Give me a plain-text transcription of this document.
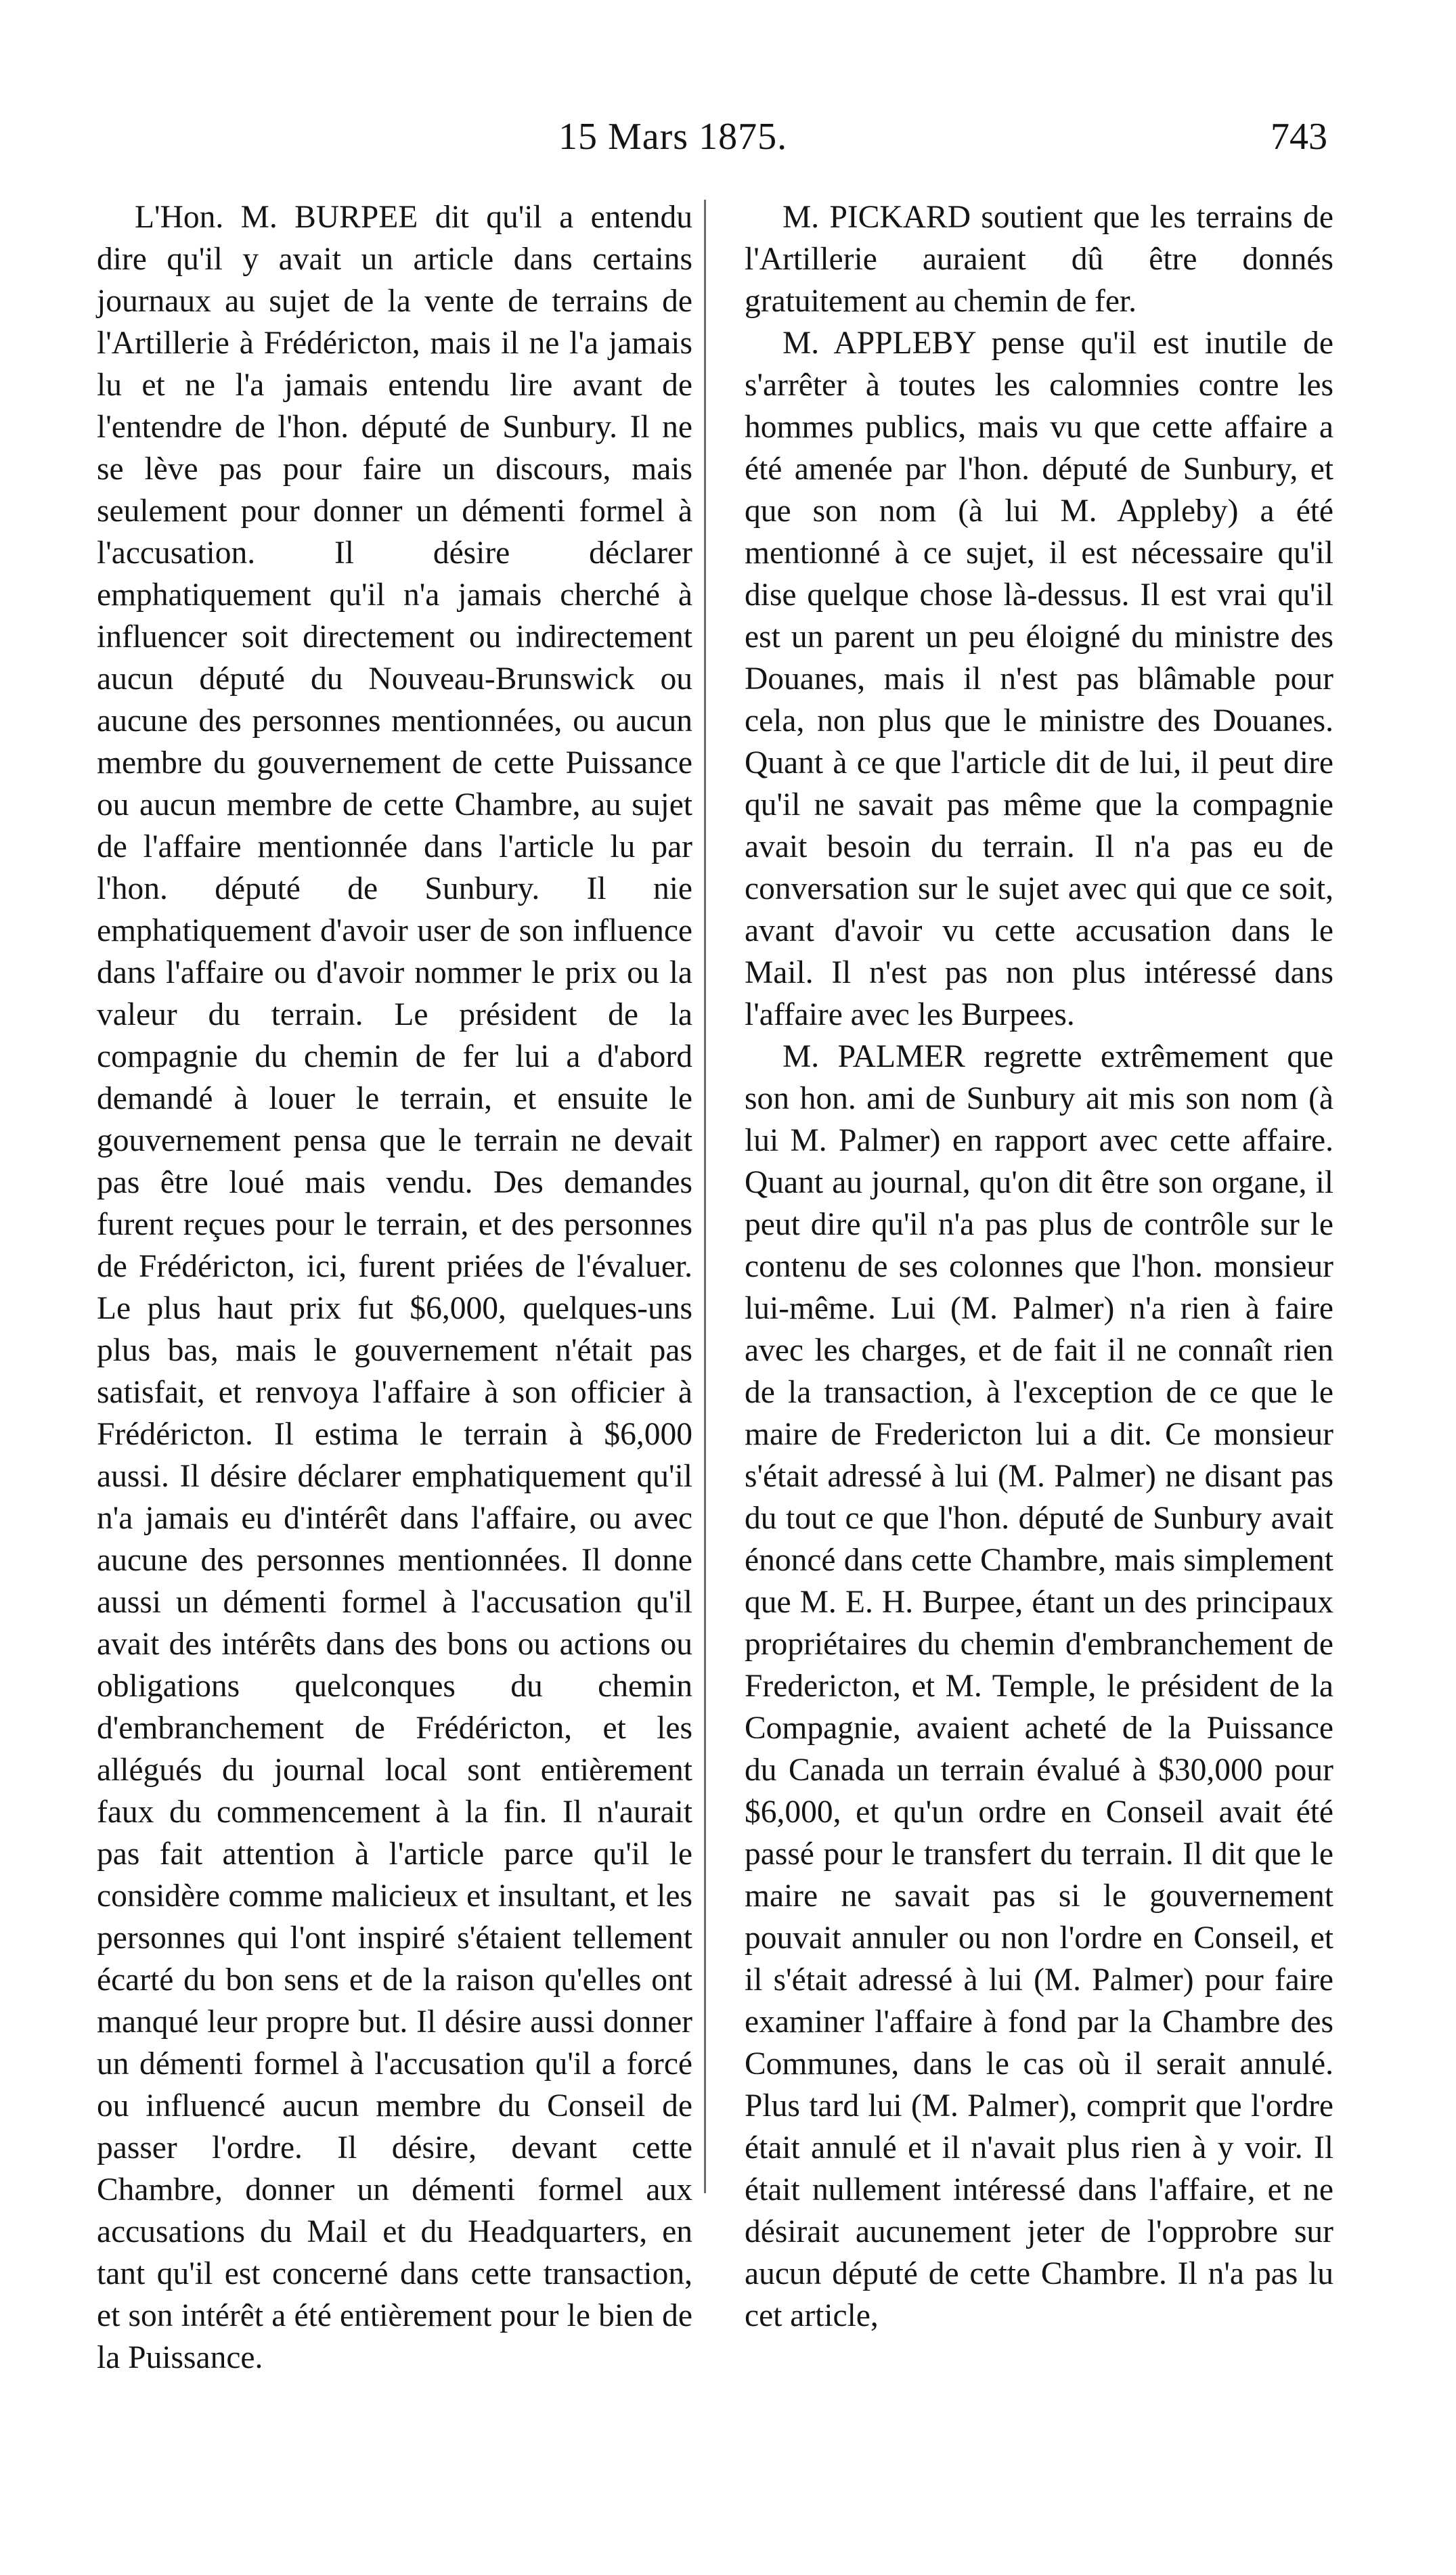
15 Mars 1875.	743

L'Hon. M. BURPEE dit qu'il a entendu dire qu'il y avait un article dans certains journaux au sujet de la vente de terrains de l'Artillerie à Frédéricton, mais il ne l'a jamais lu et ne l'a jamais entendu lire avant de l'entendre de l'hon. député de Sunbury. Il ne se lève pas pour faire un discours, mais seulement pour donner un démenti formel à l'accusation. Il désire déclarer emphatiquement qu'il n'a jamais cherché à influencer soit directement ou indirectement aucun député du Nouveau-Brunswick ou aucune des personnes mentionnées, ou aucun membre du gouvernement de cette Puissance ou aucun membre de cette Chambre, au sujet de l'affaire mentionnée dans l'article lu par l'hon. député de Sunbury. Il nie emphatiquement d'avoir user de son influence dans l'affaire ou d'avoir nommer le prix ou la valeur du terrain. Le président de la compagnie du chemin de fer lui a d'abord demandé à louer le terrain, et ensuite le gouvernement pensa que le terrain ne devait pas être loué mais vendu. Des demandes furent reçues pour le terrain, et des personnes de Frédéricton, ici, furent priées de l'évaluer. Le plus haut prix fut $6,000, quelques-uns plus bas, mais le gouvernement n'était pas satisfait, et renvoya l'affaire à son officier à Frédéricton. Il estima le terrain à $6,000 aussi. Il désire déclarer emphatiquement qu'il n'a jamais eu d'intérêt dans l'affaire, ou avec aucune des personnes mentionnées. Il donne aussi un démenti formel à l'accusation qu'il avait des intérêts dans des bons ou actions ou obligations quelconques du chemin d'embranchement de Frédéricton, et les allégués du journal local sont entièrement faux du commencement à la fin. Il n'aurait pas fait attention à l'article parce qu'il le considère comme malicieux et insultant, et les personnes qui l'ont inspiré s'étaient tellement écarté du bon sens et de la raison qu'elles ont manqué leur propre but. Il désire aussi donner un démenti formel à l'accusation qu'il a forcé ou influencé aucun membre du Conseil de passer l'ordre. Il désire, devant cette Chambre, donner un démenti formel aux accusations du Mail et du Headquarters, en tant qu'il est concerné dans cette transaction, et son intérêt a été entièrement pour le bien de la Puissance.

M. PICKARD soutient que les terrains de l'Artillerie auraient dû être donnés gratuitement au chemin de fer.

M. APPLEBY pense qu'il est inutile de s'arrêter à toutes les calomnies contre les hommes publics, mais vu que cette affaire a été amenée par l'hon. député de Sunbury, et que son nom (à lui M. Appleby) a été mentionné à ce sujet, il est nécessaire qu'il dise quelque chose là-dessus. Il est vrai qu'il est un parent un peu éloigné du ministre des Douanes, mais il n'est pas blâmable pour cela, non plus que le ministre des Douanes. Quant à ce que l'article dit de lui, il peut dire qu'il ne savait pas même que la compagnie avait besoin du terrain. Il n'a pas eu de conversation sur le sujet avec qui que ce soit, avant d'avoir vu cette accusation dans le Mail. Il n'est pas non plus intéressé dans l'affaire avec les Burpees.

M. PALMER regrette extrêmement que son hon. ami de Sunbury ait mis son nom (à lui M. Palmer) en rapport avec cette affaire. Quant au journal, qu'on dit être son organe, il peut dire qu'il n'a pas plus de contrôle sur le contenu de ses colonnes que l'hon. monsieur lui-même. Lui (M. Palmer) n'a rien à faire avec les charges, et de fait il ne connaît rien de la transaction, à l'exception de ce que le maire de Fredericton lui a dit. Ce monsieur s'était adressé à lui (M. Palmer) ne disant pas du tout ce que l'hon. député de Sunbury avait énoncé dans cette Chambre, mais simplement que M. E. H. Burpee, étant un des principaux propriétaires du chemin d'embranchement de Fredericton, et M. Temple, le président de la Compagnie, avaient acheté de la Puissance du Canada un terrain évalué à $30,000 pour $6,000, et qu'un ordre en Conseil avait été passé pour le transfert du terrain. Il dit que le maire ne savait pas si le gouvernement pouvait annuler ou non l'ordre en Conseil, et il s'était adressé à lui (M. Palmer) pour faire examiner l'affaire à fond par la Chambre des Communes, dans le cas où il serait annulé. Plus tard lui (M. Palmer), comprit que l'ordre était annulé et il n'avait plus rien à y voir. Il était nullement intéressé dans l'affaire, et ne désirait aucunement jeter de l'opprobre sur aucun député de cette Chambre. Il n'a pas lu cet article,
